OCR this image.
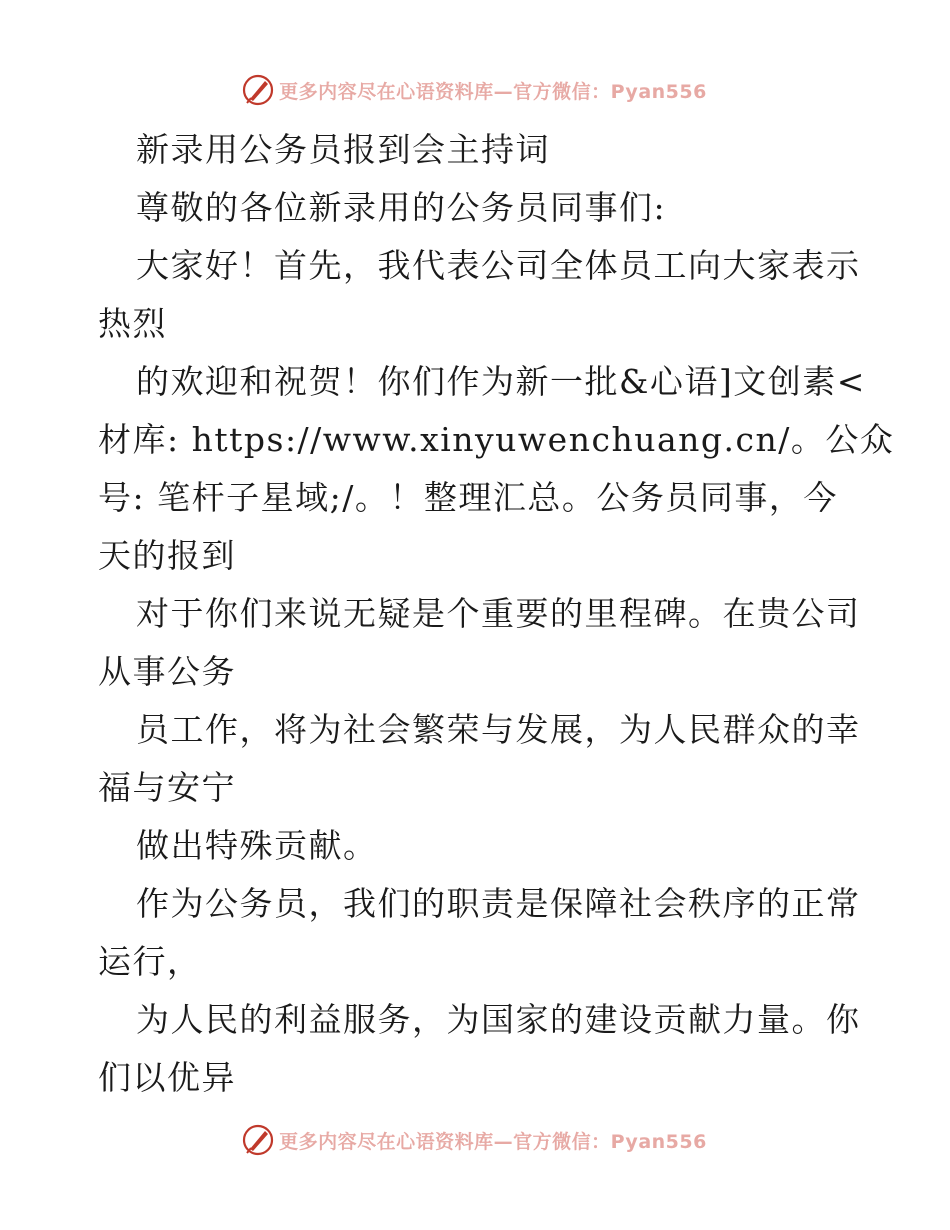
更多内容尽在心语资料库—官方微信：Pyan556
新录用公务员报到会主持词
尊敬的各位新录用的公务员同事们:
大家好！首先，我代表公司全体员工向大家表示
热烈
的欢迎和祝贺！你们作为新一批&心语]文创素<
材库: https://www.xinyuwenchuang.cn/。公众
号: 笔杆子星域;/。！整理汇总。公务员同事，今
天的报到
对于你们来说无疑是个重要的里程碑。在贵公司
从事公务
员工作，将为社会繁荣与发展，为人民群众的幸
福与安宁
做出特殊贡献。
作为公务员，我们的职责是保障社会秩序的正常
运行，
为人民的利益服务，为国家的建设贡献力量。你
们以优异
更多内容尽在心语资料库—官方微信：Pyan556
